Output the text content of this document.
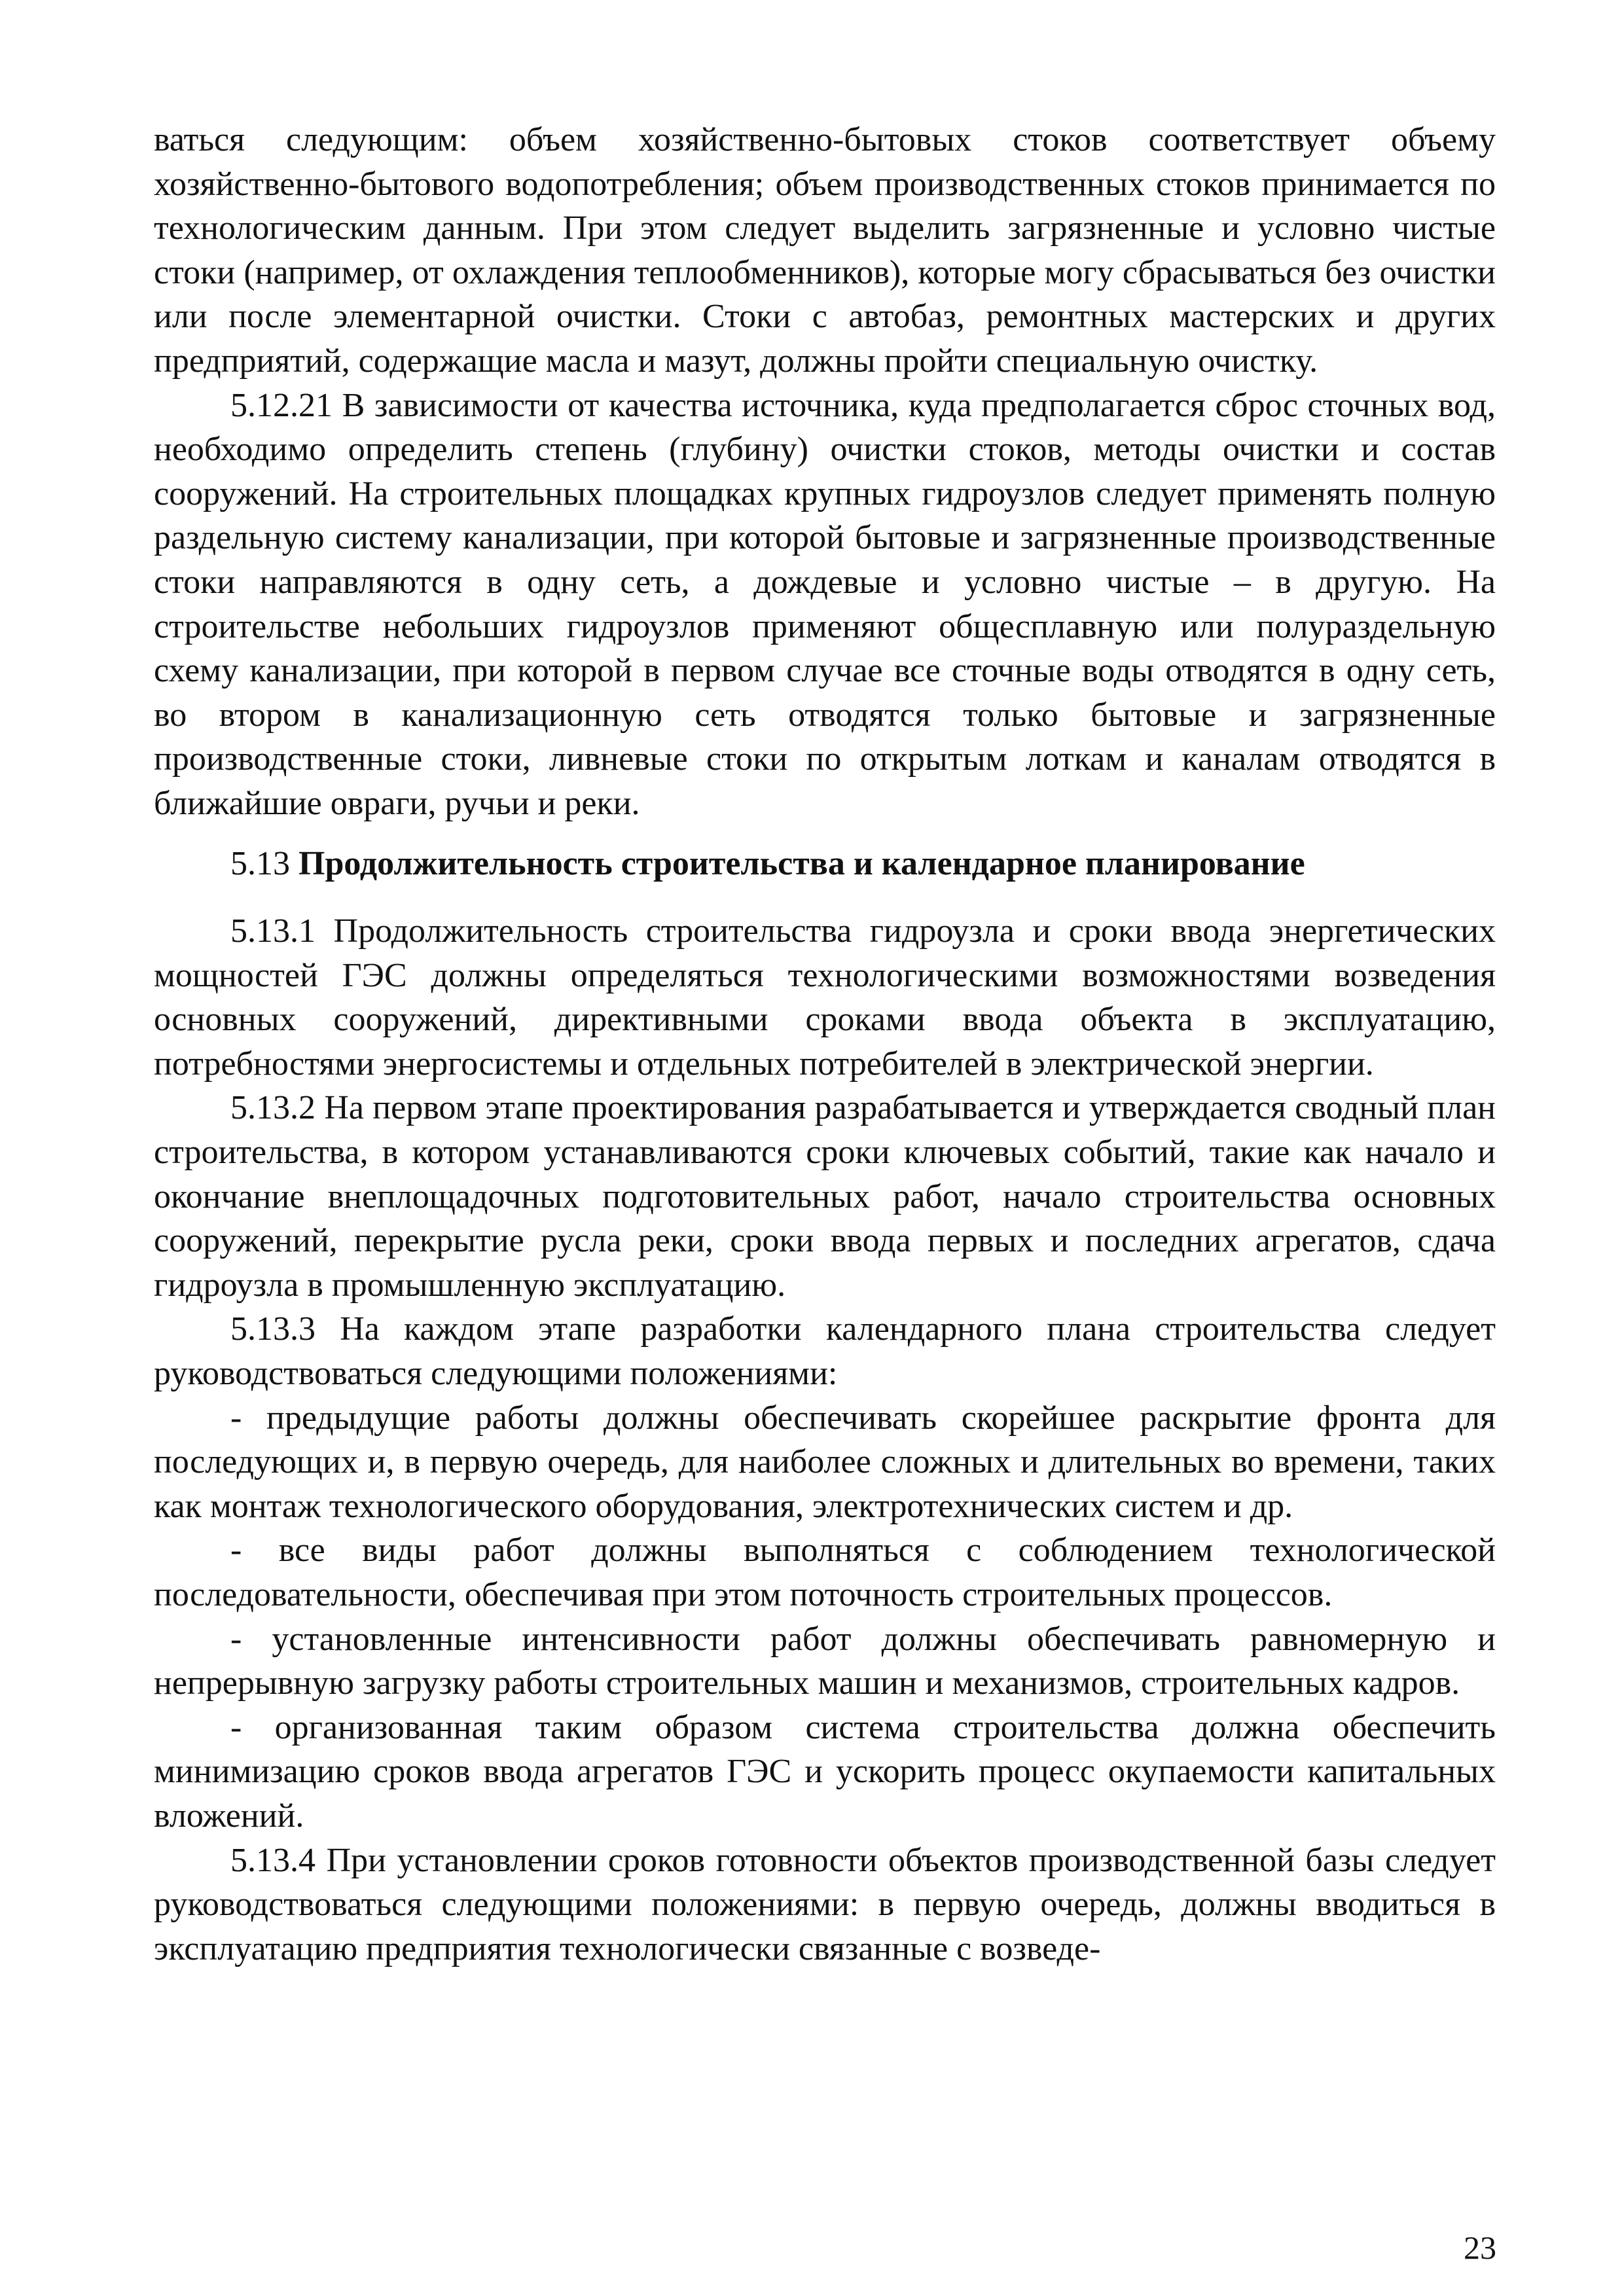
ваться следующим: объем хозяйственно-бытовых стоков соответствует объему хозяйственно-бытового водопотребления; объем производственных стоков принимается по технологическим данным. При этом следует выделить загрязненные и условно чистые стоки (например, от охлаждения теплообменников), которые могу сбрасываться без очистки или после элементарной очистки. Стоки с автобаз, ремонтных мастерских и других предприятий, содержащие масла и мазут, должны пройти специальную очистку.

5.12.21 В зависимости от качества источника, куда предполагается сброс сточных вод, необходимо определить степень (глубину) очистки стоков, методы очистки и состав сооружений. На строительных площадках крупных гидроузлов следует применять полную раздельную систему канализации, при которой бытовые и загрязненные производственные стоки направляются в одну сеть, а дождевые и условно чистые – в другую. На строительстве небольших гидроузлов применяют общесплавную или полураздельную схему канализации, при которой в первом случае все сточные воды отводятся в одну сеть, во втором в канализационную сеть отводятся только бытовые и загрязненные производственные стоки, ливневые стоки по открытым лоткам и каналам отводятся в ближайшие овраги, ручьи и реки.

5.13 Продолжительность строительства и календарное планирование

5.13.1 Продолжительность строительства гидроузла и сроки ввода энергетических мощностей ГЭС должны определяться технологическими возможностями возведения основных сооружений, директивными сроками ввода объекта в эксплуатацию, потребностями энергосистемы и отдельных потребителей в электрической энергии.

5.13.2 На первом этапе проектирования разрабатывается и утверждается сводный план строительства, в котором устанавливаются сроки ключевых событий, такие как начало и окончание внеплощадочных подготовительных работ, начало строительства основных сооружений, перекрытие русла реки, сроки ввода первых и последних агрегатов, сдача гидроузла в промышленную эксплуатацию.

5.13.3 На каждом этапе разработки календарного плана строительства следует руководствоваться следующими положениями:

- предыдущие работы должны обеспечивать скорейшее раскрытие фронта для последующих и, в первую очередь, для наиболее сложных и длительных во времени, таких как монтаж технологического оборудования, электротехнических систем и др.

- все виды работ должны выполняться с соблюдением технологической последовательности, обеспечивая при этом поточность строительных процессов.

- установленные интенсивности работ должны обеспечивать равномерную и непрерывную загрузку работы строительных машин и механизмов, строительных кадров.

- организованная таким образом система строительства должна обеспечить минимизацию сроков ввода агрегатов ГЭС и ускорить процесс окупаемости капитальных вложений.

5.13.4 При установлении сроков готовности объектов производственной базы следует руководствоваться следующими положениями: в первую очередь, должны вводиться в эксплуатацию предприятия технологически связанные с возведе-

23
